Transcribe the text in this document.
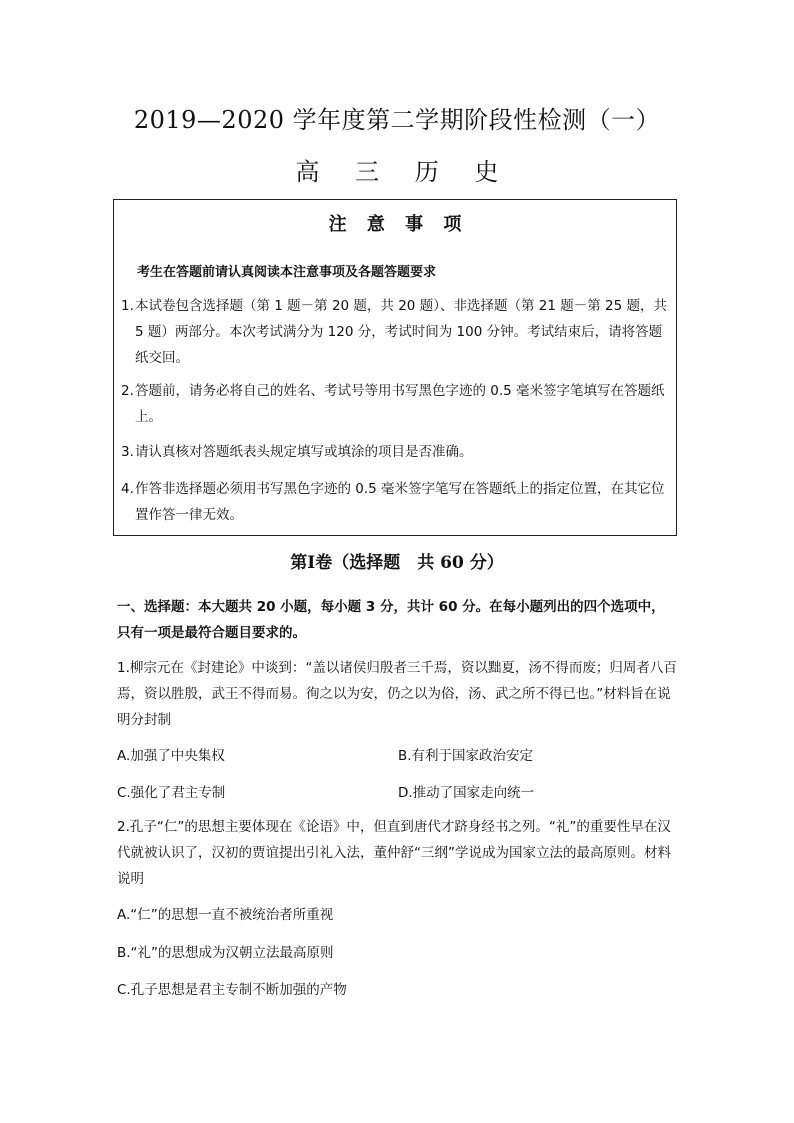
2019—2020 学年度第二学期阶段性检测（一）
高 三 历 史
注 意 事 项
考生在答题前请认真阅读本注意事项及各题答题要求
1. 本试卷包含选择题（第 1 题－第 20 题，共 20 题）、非选择题（第 21 题－第 25 题，共 5 题）两部分。本次考试满分为 120 分，考试时间为 100 分钟。考试结束后，请将答题纸交回。
2. 答题前，请务必将自己的姓名、考试号等用书写黑色字迹的 0.5 毫米签字笔填写在答题纸上。
3. 请认真核对答题纸表头规定填写或填涂的项目是否准确。
4. 作答非选择题必须用书写黑色字迹的 0.5 毫米签字笔写在答题纸上的指定位置，在其它位置作答一律无效。
第Ⅰ卷（选择题　共 60 分）
一、选择题：本大题共 20 小题，每小题 3 分，共计 60 分。在每小题列出的四个选项中，只有一项是最符合题目要求的。
1.柳宗元在《封建论》中谈到：“盖以诸侯归殷者三千焉，资以黜夏，汤不得而废；归周者八百焉，资以胜殷，武王不得而易。徇之以为安，仍之以为俗，汤、武之所不得已也。”材料旨在说明分封制
A.加强了中央集权	B.有利于国家政治安定
C.强化了君主专制	D.推动了国家走向统一
2.孔子“仁”的思想主要体现在《论语》中，但直到唐代才跻身经书之列。“礼”的重要性早在汉代就被认识了，汉初的贾谊提出引礼入法，董仲舒“三纲”学说成为国家立法的最高原则。材料说明
A.“仁”的思想一直不被统治者所重视
B.“礼”的思想成为汉朝立法最高原则
C.孔子思想是君主专制不断加强的产物
